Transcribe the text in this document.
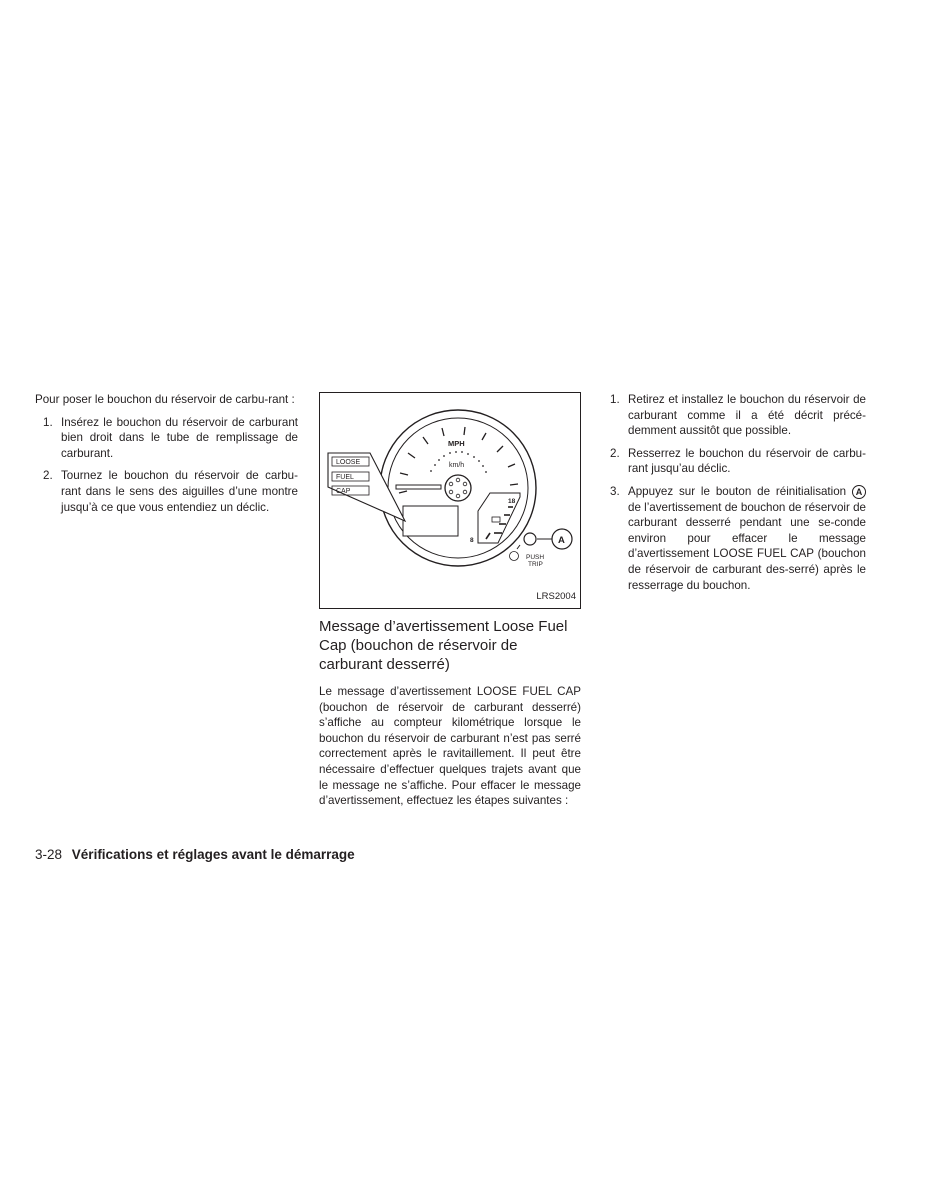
Pour poser le bouchon du réservoir de carbu-rant :

1. Insérez le bouchon du réservoir de carburant bien droit dans le tube de remplissage de carburant.
2. Tournez le bouchon du réservoir de carbu-rant dans le sens des aiguilles d’une montre jusqu’à ce que vous entendiez un déclic.
MPH
km/h
LOOSE
FUEL
CAP
18
8	A
PUSH
TRIP
LRS2004
Message d’avertissement Loose Fuel Cap (bouchon de réservoir de carburant desserré)

Le message d’avertissement LOOSE FUEL CAP (bouchon de réservoir de carburant desserré) s’affiche au compteur kilométrique lorsque le bouchon du réservoir de carburant n’est pas serré correctement après le ravitaillement. Il peut être nécessaire d’effectuer quelques trajets avant que le message ne s’affiche. Pour effacer le message d’avertissement, effectuez les étapes suivantes :

1. Retirez et installez le bouchon du réservoir de carburant comme il a été décrit précé-demment aussitôt que possible.
2. Resserrez le bouchon du réservoir de carbu-rant jusqu’au déclic.
3. Appuyez sur le bouton de réinitialisation A de l’avertissement de bouchon de réservoir de carburant desserré pendant une se-conde environ pour effacer le message d’avertissement LOOSE FUEL CAP (bouchon de réservoir de carburant des-serré) après le resserrage du bouchon.
3-28 Vérifications et réglages avant le démarrage
